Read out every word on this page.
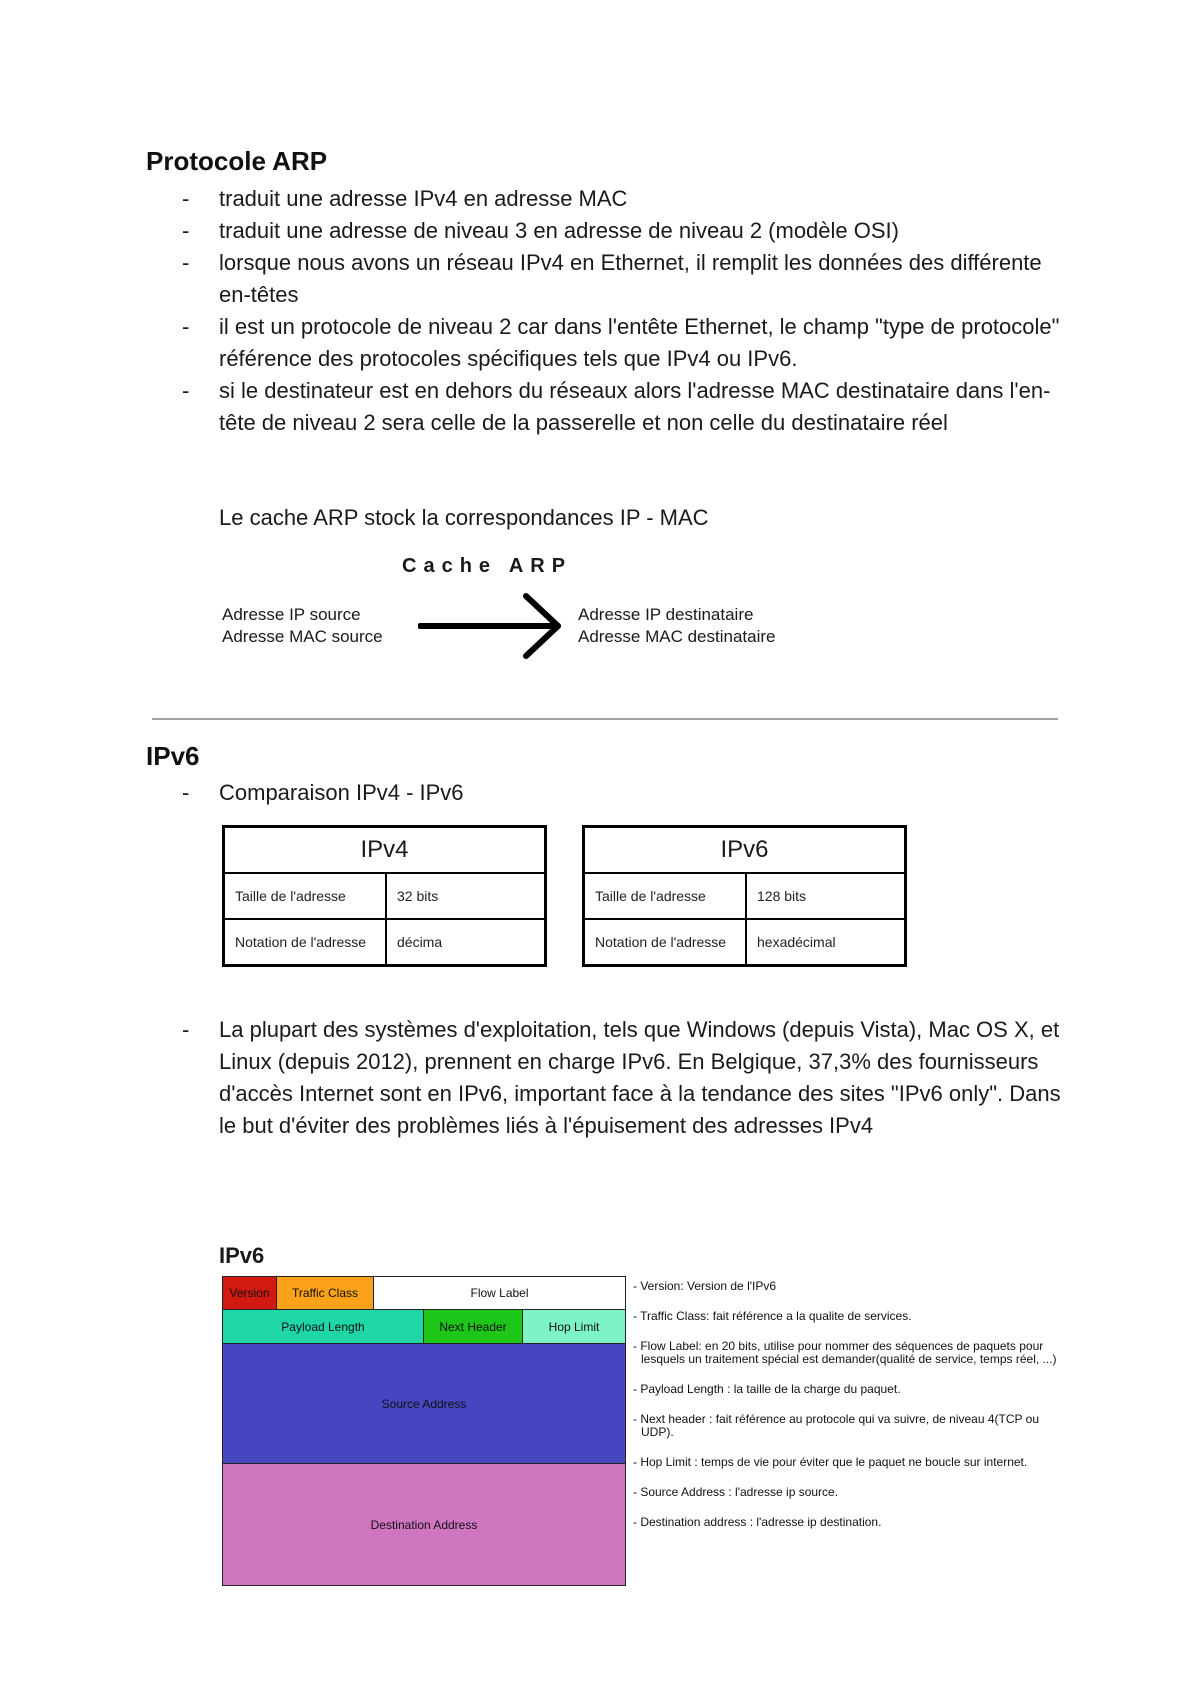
Protocole ARP
- traduit une adresse IPv4 en adresse MAC
- traduit une adresse de niveau 3 en adresse de niveau 2 (modèle OSI)
- lorsque nous avons un réseau IPv4 en Ethernet, il remplit les données des différente en-têtes
- il est un protocole de niveau 2 car dans l'entête Ethernet, le champ "type de protocole" référence des protocoles spécifiques tels que IPv4 ou IPv6.
- si le destinateur est en dehors du réseaux alors l'adresse MAC destinataire dans l'en-tête de niveau 2 sera celle de la passerelle et non celle du destinataire réel
Le cache ARP stock la correspondances IP - MAC
Cache ARP
Adresse IP source
Adresse MAC source
Adresse IP destinataire
Adresse MAC destinataire
IPv6
- Comparaison IPv4 - IPv6
IPv4	
Taille de l'adresse	32 bits
Notation de l'adresse	décima
IPv6	
Taille de l'adresse	128 bits
Notation de l'adresse	hexadécimal
- La plupart des systèmes d'exploitation, tels que Windows (depuis Vista), Mac OS X, et Linux (depuis 2012), prennent en charge IPv6. En Belgique, 37,3% des fournisseurs d'accès Internet sont en IPv6, important face à la tendance des sites "IPv6 only". Dans le but d'éviter des problèmes liés à l'épuisement des adresses IPv4
IPv6
Version	Traffic Class	Flow Label
Payload Length	Next Header	Hop Limit
Source Address
Destination Address
- Version: Version de l'IPv6
- Traffic Class: fait référence a la qualite de services.
- Flow Label: en 20 bits, utilise pour nommer des séquences de paquets pour lesquels un traitement spécial est demander(qualité de service, temps réel, ...)
- Payload Length : la taille de la charge du paquet.
- Next header : fait référence au protocole qui va suivre, de niveau 4(TCP ou UDP).
- Hop Limit : temps de vie pour éviter que le paquet ne boucle sur internet.
- Source Address : l'adresse ip source.
- Destination address : l'adresse ip destination.
